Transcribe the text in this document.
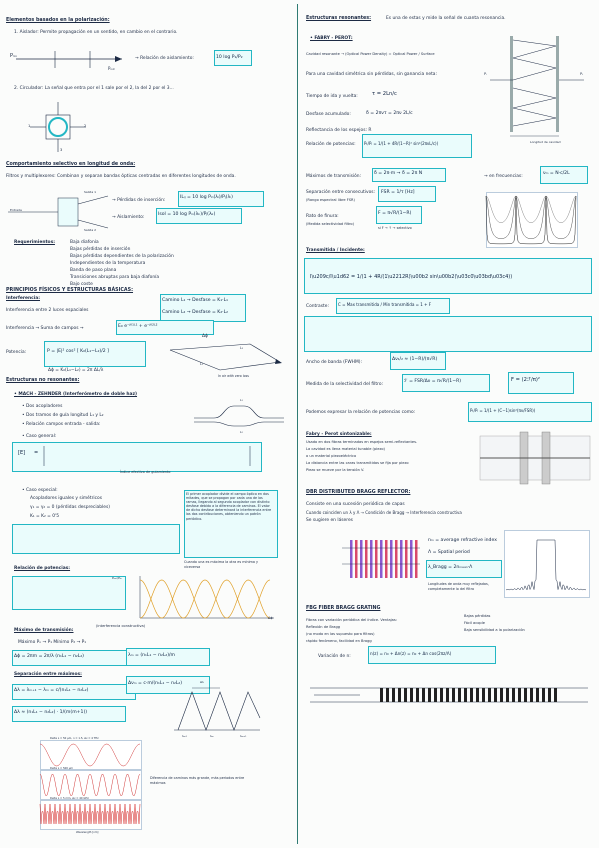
Elementos basados en la polarización:
1. Aislador: Permite propagación en un sentido, en cambio en el contrario.
P₁ₙ
Pₒᵤₜ
→ Relación de aislamiento:	10 log P₁/P₂
2. Circulador: La señal que entra por el 1 sale por el 2, la del 2 por el 3...
1	2
3
Comportamiento selectivo en longitud de onda:
Filtros y multiplexores: Combinan y separan bandas ópticas centradas en diferentes longitudes de onda.
Entrada
Salida 1
Salida 2
→ Pérdidas de inserción:
ILᵢⱼ = 10 log Pᵢₙ(λᵢ)/Pⱼ(λᵢ)
→ Aislamiento:
Isol = 10 log Pᵢₙ(λₖ)/Pⱼ(λₖ)
Requerimientos:	Baja diafonía
Bajas pérdidas de inserción
Bajas pérdidas dependientes de la polarización
Independientes de la temperatura
Banda de paso plana
Transiciones abruptas para baja diafonía
Bajo coste
PRINCIPIOS FÍSICOS Y ESTRUCTURAS BÁSICAS:
Interferencia:
Interferencia entre 2 luces espaciales
Camino L₁ → Desfase = K₁·L₁
Camino L₂ → Desfase = K₂·L₂
Interferencia → Suma de campos →	E₀ e⁻ʲᴷ¹ᴸ¹ + e⁻ʲᴷ²ᴸ²
Potencia:	P = |E|² cos² [ K₀(L₁−L₂)/2 ]
Δϕ = K₀(L₁−L₂) = 2π ΔL/λ
Δϕ
L₁
L₂
In air with zero loss
Estructuras no resonantes:
• MACH - ZEHNDER (Interferómetro de doble haz)
• Dos acopladores
• Dos tramos de guía longitud L₁ y L₂
• Relación campos entrada - salida:
L₁
L₂
• Caso general:
[E] =
Índice efectivo de guiamiento
• Caso especial:
Acopladores iguales y simétricos
γ₁ = γ₂ = 0 (pérdidas despreciables)
K₁ = K₂ = 0'5
El primer acoplador divide el campo óptico en dos mitades, que se propagan por cada una de las ramas, llegando al segundo acoplador con distinto desfase debido a la diferencia de caminos. El valor de dicho desfase determinará la interferencia entre las dos contribuciones, obteniendo un patrón periódico.
Relación de potencias:
Cuando una es máxima la otra es mínima y viceversa
Pₒᵤₜ/Pᵢₙ
Δϕ
Máximo de transmisión:
(interferencia constructiva)
Máximo Pₒ → P₁ Mínimo P₂ → P₁
Δϕ = 2πm = 2π/λ (n₁L₁ − n₂L₂)	λₘ = (n₁L₁ − n₂L₂)/m
Separación entre máximos:
Δλ = λₘ₊₁ − λₘ = c/(n₁L₁ − n₂L₂)
Δλ ≈ (n₁L₁ − n₂L₂) · 1/(m(m+1))
Δνₘ = c·m/(n₁L₁ − n₂L₂)
λₘ₁	λₘ	λₘ₊₁
Δλ
Delta L = 50 μm, n = 1.5, Δν = 4 THz
Delta L = 500 μm
Delta L = 5 mm, Δν = 40 GHz
Wavelength [nm]
Diferencia de caminos más grande, más periodos entre máximos
Estructuras resonantes:	Es una de estas y mide la señal de cuanta resonancia.
• FABRY - PEROT:
Cavidad resonante → (Optical Power Density) = Optical Power / Surface
Para una cavidad simétrica sin pérdidas, sin ganancia neta:
Tiempo de ida y vuelta:	τ = 2Ln/c
Desfase acumulado:	δ = 2πντ = 2πν 2L/c
Reflectancia de los espejos: R
Relación de potencias: Pₜ/Pᵢ = 1/(1 + 4R/(1−R)² sin²(2πνL/c))
Pᵢ	Pₜ
Longitud de cavidad
Máximos de transmisión:
δ = 2π·m → δ = 2π N
→ en frecuencias:
νₘ = N·c/2L
Separación entre consecutivos:
(Rango espectral libre FSR)
FSR = 1/τ [Hz]
Rato de finura:
(Medida selectividad filtro)
F = π√R/(1−R)
si F → ↑ → selectivo
Transmitida / Incidente:
I\u209c/I\u1d62 = 1/(1 + 4R/(1\u2212R)\u00b2 sin\u00b2(\u03c0\u03bd\u03c4))
Contraste: C = Max transmitida / Min transmitida = 1 + F
Ancho de banda (FWHM):
Δν₁/₂ ≈ (1−R)/(π√R)
Medida de la selectividad del filtro:
ℱ = FSR/Δν = π√R/(1−R)	F = (2ℱ/π)²
Podemos expresar la relación de potencias como:	Pₜ/Pᵢ = 1/(1 + (C−1)sin²(πν/FSR))
Fabry - Perot sintonizable:
Usado en dos fibras terminadas en espejos semi-reflectantes.
La cavidad es llena material tunable (piezo)
o un material piezoeléctrico
La distancia entre las caras transmitidas se fija por piezo
Piezo se mueve por la tensión V.
DBR DISTRIBUTED BRAGG REFLECTOR:
Consiste en una sucesión periódica de capas
Cuando coinciden un λ y Λ → Condición de Bragg → Interferencia constructiva
Se sugiere en láseres
nₘ = average refractive index
Λ = Spatial period
λ_Bragg = 2nₘₑₐₙ·Λ
Longitudes de onda muy reflejadas, completamente lo del filtro
FBG FIBER BRAGG GRATING
Fibras con variación periódica del índice. Ventajas:
Reflexión de Bragg
(no modo en las supuesto para filtros)
rápido fenómeno, facilidad en Bragg
Bajas pérdidas
Fácil acople
Baja sensibilidad a la polarización
Variación de n:
n(z) = n₀ + Δn(z) = n₀ + Δn cos(2πz/Λ)
